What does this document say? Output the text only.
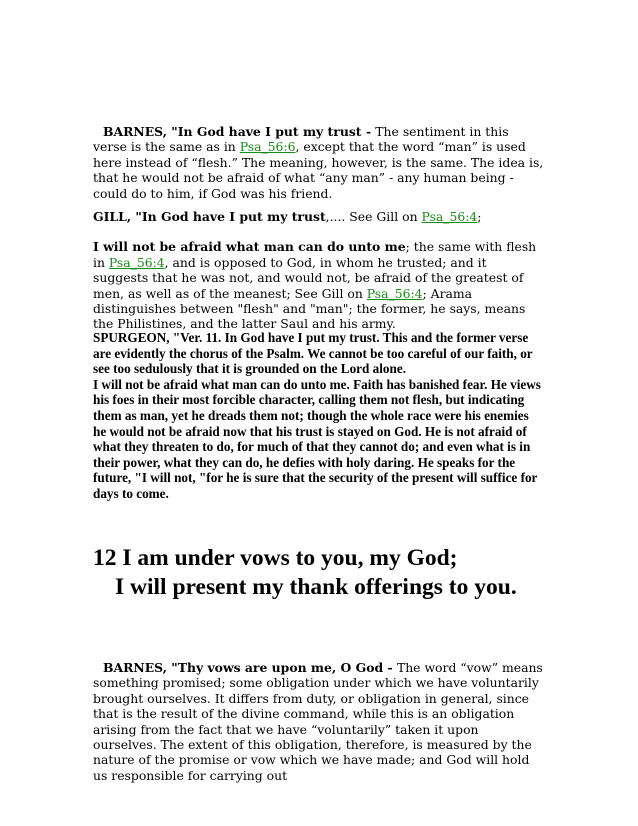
BARNES, "In God have I put my trust - The sentiment in this verse is the same as in Psa_56:6, except that the word “man” is used here instead of “flesh.” The meaning, however, is the same. The idea is, that he would not be afraid of what “any man” - any human being - could do to him, if God was his friend.

GILL, "In God have I put my trust,.... See Gill on Psa_56:4;

I will not be afraid what man can do unto me; the same with flesh in Psa_56:4, and is opposed to God, in whom he trusted; and it suggests that he was not, and would not, be afraid of the greatest of men, as well as of the meanest; See Gill on Psa_56:4; Arama distinguishes between "flesh" and "man"; the former, he says, means the Philistines, and the latter Saul and his army.

SPURGEON, "Ver. 11. In God have I put my trust. This and the former verse are evidently the chorus of the Psalm. We cannot be too careful of our faith, or see too sedulously that it is grounded on the Lord alone.

I will not be afraid what man can do unto me. Faith has banished fear. He views his foes in their most forcible character, calling them not flesh, but indicating them as man, yet he dreads them not; though the whole race were his enemies he would not be afraid now that his trust is stayed on God. He is not afraid of what they threaten to do, for much of that they cannot do; and even what is in their power, what they can do, he defies with holy daring. He speaks for the future, "I will not, "for he is sure that the security of the present will suffice for days to come.

12 I am under vows to you, my God;

I will present my thank offerings to you.

BARNES, "Thy vows are upon me, O God - The word “vow” means something promised; some obligation under which we have voluntarily brought ourselves. It differs from duty, or obligation in general, since that is the result of the divine command, while this is an obligation arising from the fact that we have “voluntarily” taken it upon ourselves. The extent of this obligation, therefore, is measured by the nature of the promise or vow which we have made; and God will hold us responsible for carrying out
